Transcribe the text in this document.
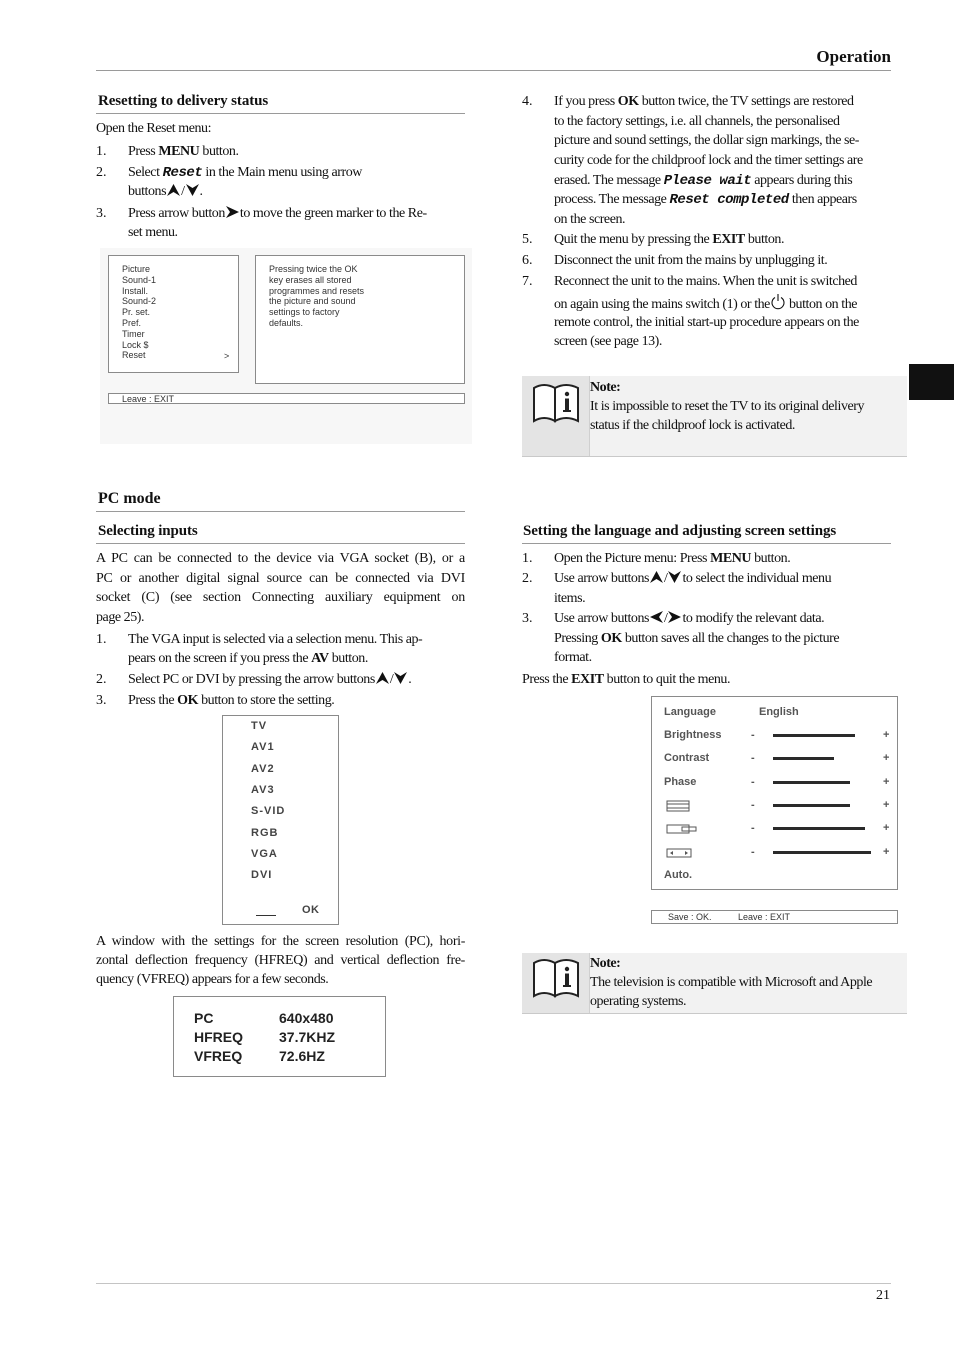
Operation
Resetting to delivery status
Open the Reset menu:
1. Press MENU button.
2. Select Reset in the Main menu using arrow
buttons / .
3. Press arrow button to move the green marker to the Re-
set menu.
Picture
Sound-1
Install.
Sound-2
Pr. set.
Pref.
Timer
Lock $
Reset	>
Pressing twice the OK
key erases all stored
programmes and resets
the picture and sound
settings to factory
defaults.
Leave : EXIT
4. If you press OK button twice, the TV settings are restored
to the factory settings, i.e. all channels, the personalised
picture and sound settings, the dollar sign markings, the se-
curity code for the childproof lock and the timer settings are
erased. The message Please wait appears during this
process. The message Reset completed then appears
on the screen.
5. Quit the menu by pressing the EXIT button.
6. Disconnect the unit from the mains by unplugging it.
7. Reconnect the unit to the mains. When the unit is switched
on again using the mains switch (1) or the button on the
remote control, the initial start-up procedure appears on the
screen (see page 13).
Note:
It is impossible to reset the TV to its original delivery
status if the childproof lock is activated.
PC mode
Selecting inputs
A PC can be connected to the device via VGA socket (B), or a
PC or another digital signal source can be connected via DVI
socket (C) (see section Connecting auxiliary equipment on
page 25).
1. The VGA input is selected via a selection menu. This ap-
pears on the screen if you press the AV button.
2. Select PC or DVI by pressing the arrow buttons / .
3. Press the OK button to store the setting.
TV
AV1
AV2
AV3
S-VID
RGB
VGA
DVI
OK
A window with the settings for the screen resolution (PC), hori-
zontal deflection frequency (HFREQ) and vertical deflection fre-
quency (VFREQ) appears for a few seconds.
PC	640x480
HFREQ	37.7KHZ
VFREQ	72.6HZ
Setting the language and adjusting screen settings
1. Open the Picture menu: Press MENU button.
2. Use arrow buttons / to select the individual menu
items.
3. Use arrow buttons / to modify the relevant data.
Pressing OK button saves all the changes to the picture
format.
Press the EXIT button to quit the menu.
Language	English
Brightness	-	+
Contrast	-	+
Phase	-	+
-	+
-	+
-	+
Auto.
Save : OK.	Leave : EXIT
Note:
The television is compatible with Microsoft and Apple
operating systems.
21
